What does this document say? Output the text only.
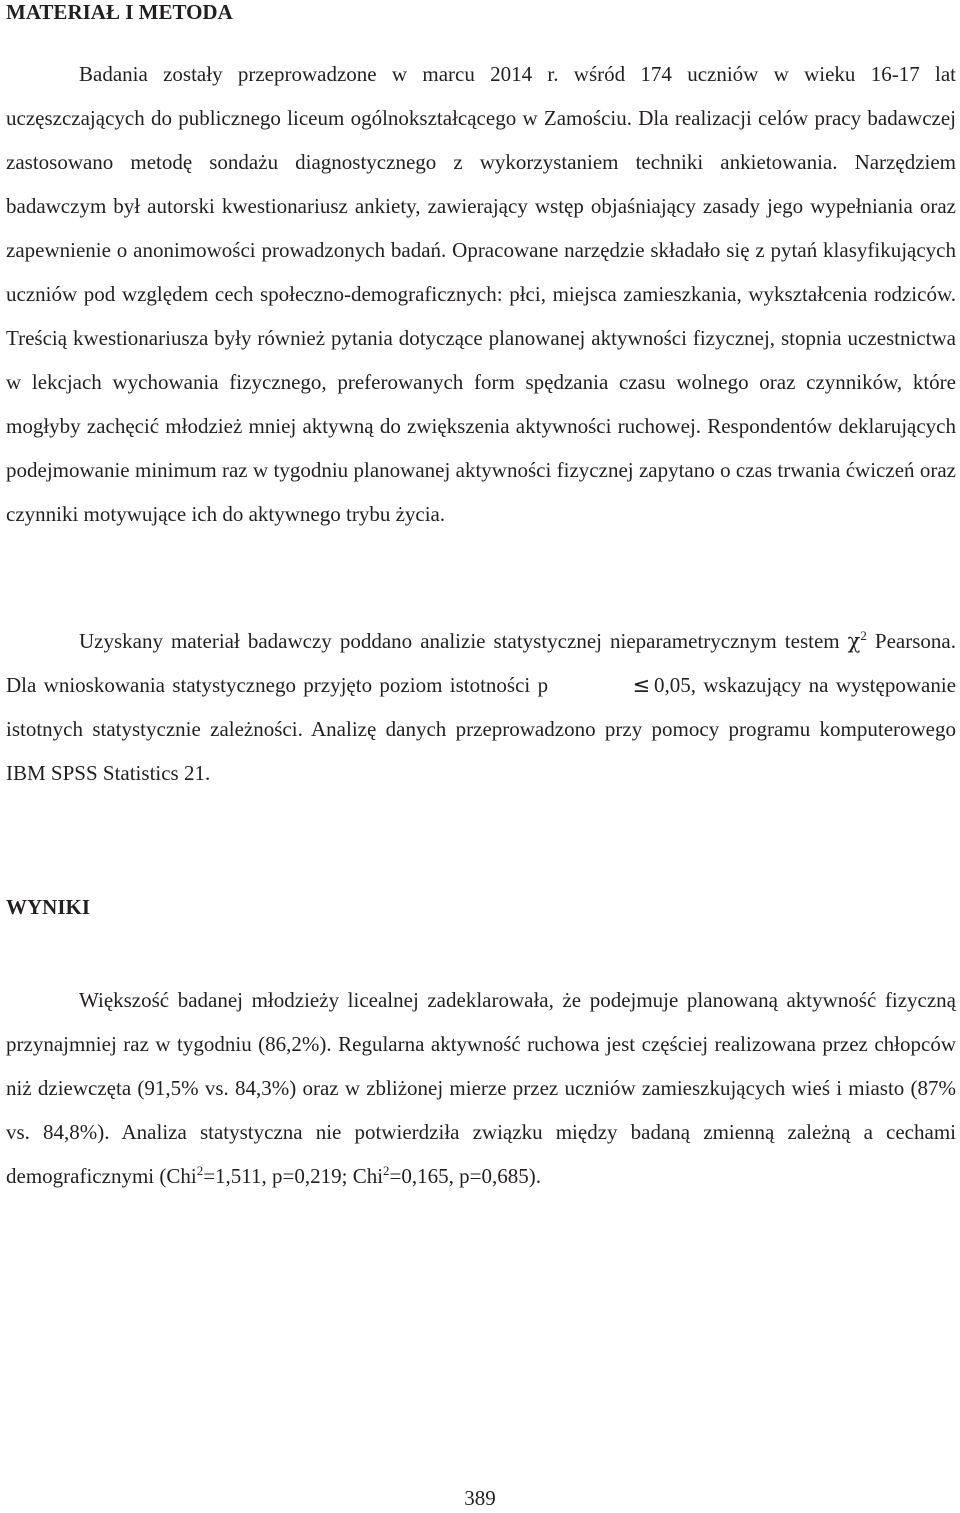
MATERIAŁ I METODA

Badania zostały przeprowadzone w marcu 2014 r. wśród 174 uczniów w wieku 16-17 lat uczęszczających do publicznego liceum ogólnokształcącego w Zamościu. Dla realizacji celów pracy badawczej zastosowano metodę sondażu diagnostycznego z wykorzystaniem techniki ankietowania. Narzędziem badawczym był autorski kwestionariusz ankiety, zawierający wstęp objaśniający zasady jego wypełniania oraz zapewnienie o anonimowości prowadzonych badań. Opracowane narzędzie składało się z pytań klasyfikujących uczniów pod względem cech społeczno-demograficznych: płci, miejsca zamieszkania, wykształcenia rodziców. Treścią kwestionariusza były również pytania dotyczące planowanej aktywności fizycznej, stopnia uczestnictwa w lekcjach wychowania fizycznego, preferowanych form spędzania czasu wolnego oraz czynników, które mogłyby zachęcić młodzież mniej aktywną do zwiększenia aktywności ruchowej. Respondentów deklarujących podejmowanie minimum raz w tygodniu planowanej aktywności fizycznej zapytano o czas trwania ćwiczeń oraz czynniki motywujące ich do aktywnego trybu życia.

Uzyskany materiał badawczy poddano analizie statystycznej nieparametrycznym testem $\chi^2$ Pearsona. Dla wnioskowania statystycznego przyjęto poziom istotności p	≤ 0,05, wskazujący na występowanie istotnych statystycznie zależności. Analizę danych przeprowadzono przy pomocy programu komputerowego IBM SPSS Statistics 21.

WYNIKI

Większość badanej młodzieży licealnej zadeklarowała, że podejmuje planowaną aktywność fizyczną przynajmniej raz w tygodniu (86,2%). Regularna aktywność ruchowa jest częściej realizowana przez chłopców niż dziewczęta (91,5% vs. 84,3%) oraz w zbliżonej mierze przez uczniów zamieszkujących wieś i miasto (87% vs. 84,8%). Analiza statystyczna nie potwierdziła związku między badaną zmienną zależną a cechami demograficznymi (Chi$^2$=1,511, p=0,219; Chi$^2$=0,165, p=0,685).

389
